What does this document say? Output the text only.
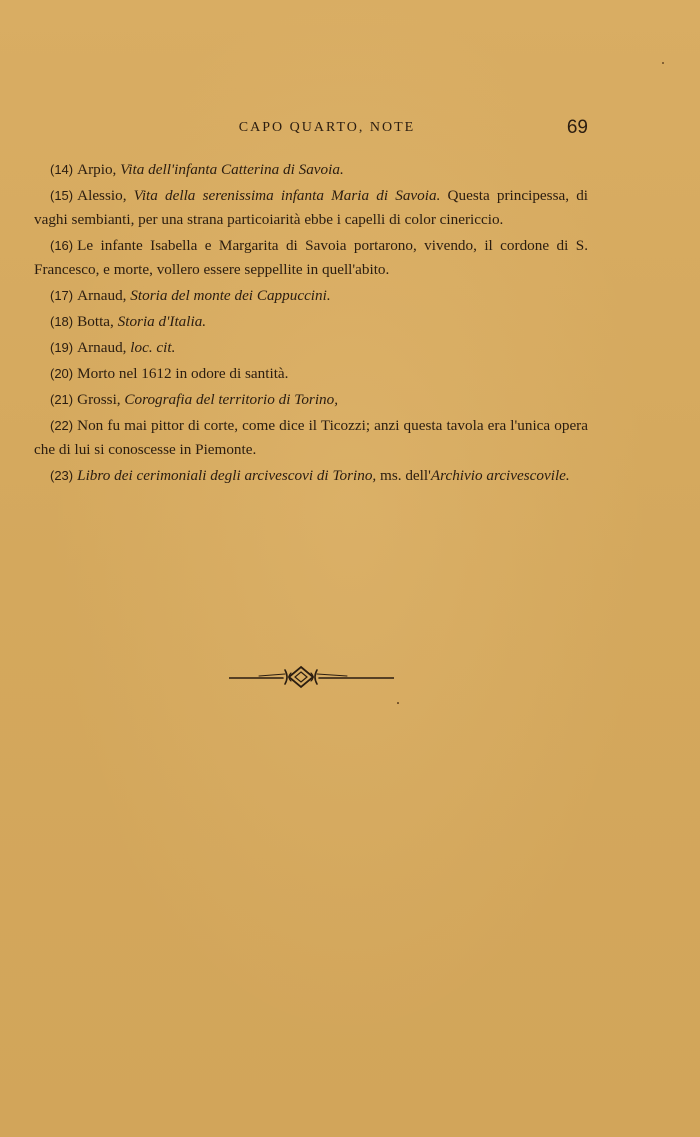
CAPO QUARTO, NOTE	69

(14) Arpio, Vita dell'infanta Catterina di Savoia.

(15) Alessio, Vita della serenissima infanta Maria di Savoia. Questa principessa, di vaghi sembianti, per una strana particoiarità ebbe i capelli di color cinericcio.

(16) Le infante Isabella e Margarita di Savoia portarono, vivendo, il cordone di S. Francesco, e morte, vollero essere seppellite in quell'abito.

(17) Arnaud, Storia del monte dei Cappuccini.

(18) Botta, Storia d'Italia.

(19) Arnaud, loc. cit.

(20) Morto nel 1612 in odore di santità.

(21) Grossi, Corografia del territorio di Torino,

(22) Non fu mai pittor di corte, come dice il Ticozzi; anzi questa tavola era l'unica opera che di lui si conoscesse in Piemonte.

(23) Libro dei cerimoniali degli arcivescovi di Torino, ms. dell'Archivio arcivescovile.
